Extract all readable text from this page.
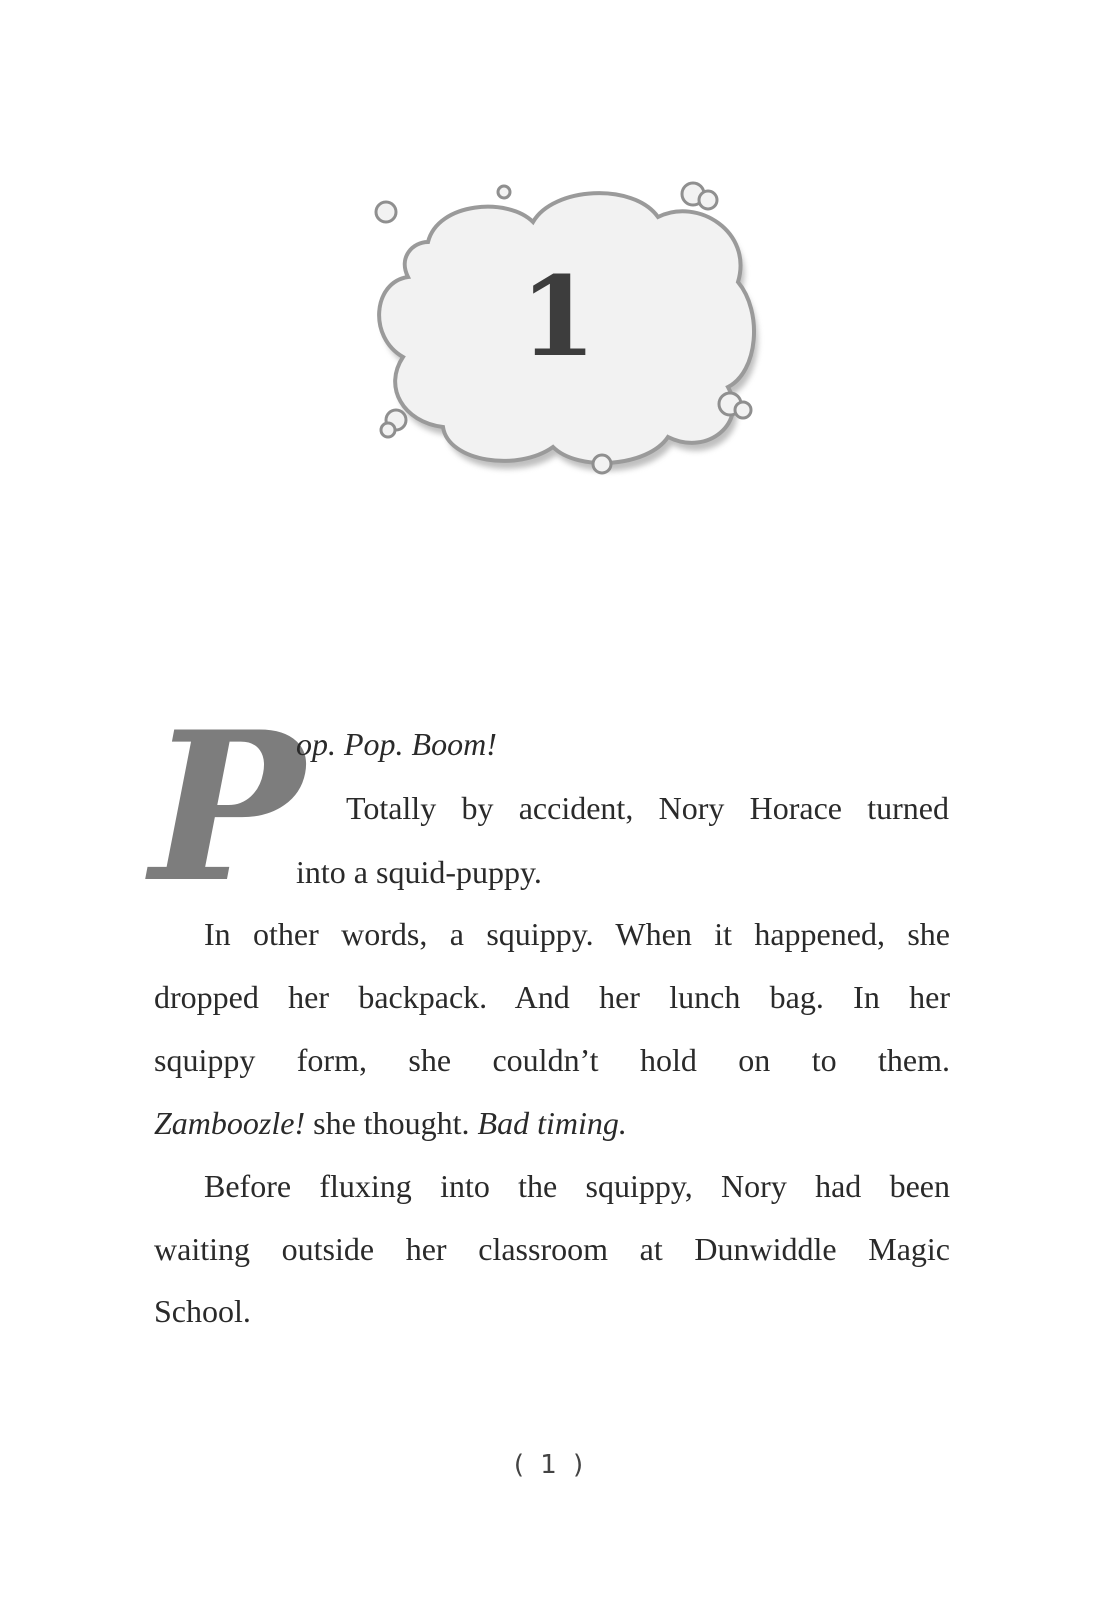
1
P
op. Pop. Boom!
Totally by accident, Nory Horace turned
into a squid-puppy.
In other words, a squippy. When it happened, she
dropped her backpack. And her lunch bag. In her
squippy form, she couldn’t hold on to them.
Zamboozle! she thought. Bad timing.
Before fluxing into the squippy, Nory had been
waiting outside her classroom at Dunwiddle Magic
School.
( 1 )
